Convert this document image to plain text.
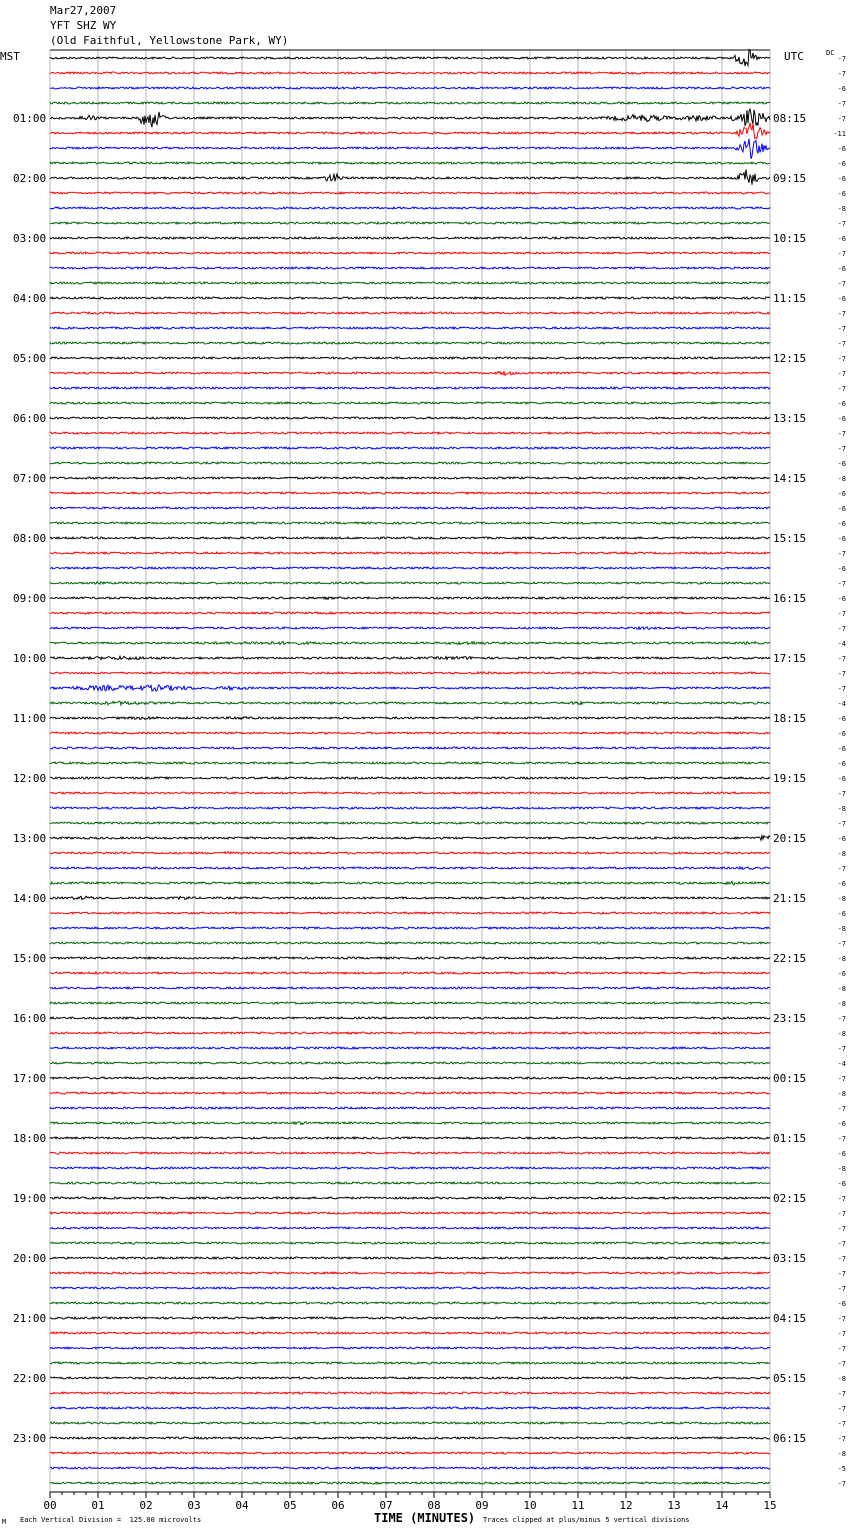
Mar27,2007
YFT SHZ WY
(Old Faithful, Yellowstone Park, WY)
MST	UTC	DC
-7
-7
-6
-7
-7
-11
-6
-6
-6
-6
-8
-7
-6
-7
-6
-7
-6
-7
-7
-7
-7
-7
-7
-6
-6
-7
-7
-6
-8
-6
-6
-6
-6
-7
-6
-7
-6
-7
-7
-4
-7
-7
-7
-4
-6
-6
-6
-6
-6
-7
-8
-7
-6
-8
-7
-6
-8
-6
-8
-7
-8
-6
-8
-8
-7
-8
-7
-4
-7
-8
-7
-6
-7
-6
-8
-6
-7
-7
-7
-7
-7
-7
-7
-6
-7
-7
-7
-7
-8
-7
-7
-7
-7
-8
-5
-7
00	01	02	03	04	05	06	07	08	09	10	11	12	13	14	15
01:00
02:00
03:00
04:00
05:00
06:00
07:00
08:00
09:00
10:00
11:00
12:00
13:00
14:00
15:00
16:00
17:00
18:00
19:00
20:00
21:00
22:00
23:00
08:15
09:15
10:15
11:15
12:15
13:15
14:15
15:15
16:15
17:15
18:15
19:15
20:15
21:15
22:15
23:15
00:15
01:15
02:15
03:15
04:15
05:15
06:15
TIME (MINUTES)
Each Vertical Division =  125.00 microvolts	Traces clipped at plus/minus 5 vertical divisions
M
